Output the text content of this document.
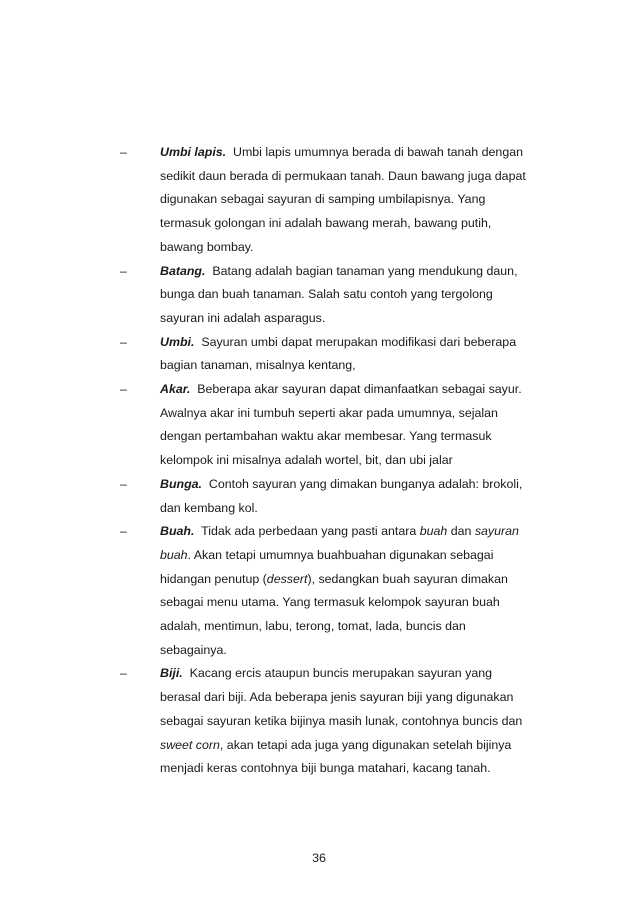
–	Umbi lapis. Umbi lapis umumnya berada di bawah tanah dengan
sedikit daun berada di permukaan tanah. Daun bawang juga dapat
digunakan sebagai sayuran di samping umbilapisnya. Yang
termasuk golongan ini adalah bawang merah, bawang putih,
bawang bombay.
–	Batang. Batang adalah bagian tanaman yang mendukung daun,
bunga dan buah tanaman. Salah satu contoh yang tergolong
sayuran ini adalah asparagus.
–	Umbi. Sayuran umbi dapat merupakan modifikasi dari beberapa
bagian tanaman, misalnya kentang,
–	Akar. Beberapa akar sayuran dapat dimanfaatkan sebagai sayur.
Awalnya akar ini tumbuh seperti akar pada umumnya, sejalan
dengan pertambahan waktu akar membesar. Yang termasuk
kelompok ini misalnya adalah wortel, bit, dan ubi jalar
–	Bunga. Contoh sayuran yang dimakan bunganya adalah: brokoli,
dan kembang kol.
–	Buah. Tidak ada perbedaan yang pasti antara buah dan sayuran
buah. Akan tetapi umumnya buahbuahan digunakan sebagai
hidangan penutup (dessert), sedangkan buah sayuran dimakan
sebagai menu utama. Yang termasuk kelompok sayuran buah
adalah, mentimun, labu, terong, tomat, lada, buncis dan
sebagainya.
–	Biji. Kacang ercis ataupun buncis merupakan sayuran yang
berasal dari biji. Ada beberapa jenis sayuran biji yang digunakan
sebagai sayuran ketika bijinya masih lunak, contohnya buncis dan
sweet corn, akan tetapi ada juga yang digunakan setelah bijinya
menjadi keras contohnya biji bunga matahari, kacang tanah.
36
